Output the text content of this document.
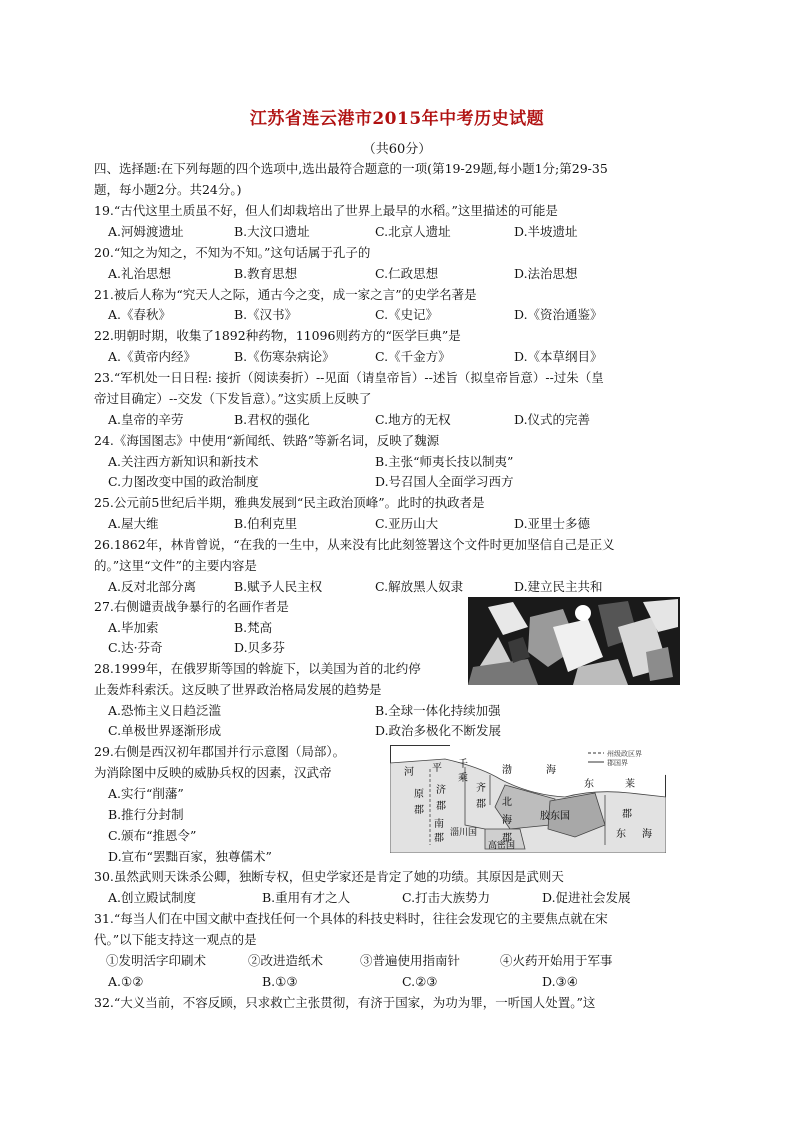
江苏省连云港市2015年中考历史试题
（共60分）
四、选择题:在下列每题的四个选项中,选出最符合题意的一项(第19-29题,每小题1分;第29-35
题，每小题2分。共24分。)
19.“古代这里土质虽不好，但人们却栽培出了世界上最早的水稻。”这里描述的可能是
A.河姆渡遗址	B.大汶口遗址	C.北京人遗址	D.半坡遗址
20.“知之为知之，不知为不知。”这句话属于孔子的
A.礼治思想	B.教育思想	C.仁政思想	D.法治思想
21.被后人称为“究天人之际，通古今之变，成一家之言”的史学名著是
A.《春秋》	B.《汉书》	C.《史记》	D.《资治通鉴》
22.明朝时期，收集了1892种药物，11096则药方的“医学巨典”是
A.《黄帝内经》	B.《伤寒杂病论》	C.《千金方》	D.《本草纲目》
23.“军机处一日日程: 接折（阅读奏折）--见面（请皇帝旨）--述旨（拟皇帝旨意）--过朱（皇
帝过目确定）--交发（下发旨意）。”这实质上反映了
A.皇帝的辛劳	B.君权的强化	C.地方的无权	D.仪式的完善
24.《海国图志》中使用“新闻纸、铁路”等新名词，反映了魏源
A.关注西方新知识和新技术	B.主张“师夷长技以制夷”
C.力图改变中国的政治制度	D.号召国人全面学习西方
25.公元前5世纪后半期，雅典发展到“民主政治顶峰”。此时的执政者是
A.屋大维	B.伯利克里	C.亚历山大	D.亚里士多德
26.1862年，林肯曾说，“在我的一生中，从来没有比此刻签署这个文件时更加坚信自己是正义
的。”这里“文件”的主要内容是
A.反对北部分离	B.赋予人民主权	C.解放黑人奴隶	D.建立民主共和
27.右侧谴责战争暴行的名画作者是
A.毕加索	B.梵高
C.达·芬奇	D.贝多芬
28.1999年，在俄罗斯等国的斡旋下，以美国为首的北约停
止轰炸科索沃。这反映了世界政治格局发展的趋势是
A.恐怖主义日趋泛滥	B.全球一体化持续加强
C.单极世界逐渐形成	D.政治多极化不断发展
29.右侧是西汉初年郡国并行示意图（局部）。
为消除图中反映的威胁兵权的因素，汉武帝
A.实行“削藩”
B.推行分封制
C.颁布“推恩令”
D.宣布“罢黜百家，独尊儒术”
州级政区界
郡国界
河 平 千
乘
渤	海
东	莱
原 济
郡 郡
南
齐
北
郡
郡
海
郡
胶东国	郡
东 海
淄川国
高密国
30.虽然武则天诛杀公卿，独断专权，但史学家还是肯定了她的功绩。其原因是武则天
A.创立殿试制度	B.重用有才之人	C.打击大族势力	D.促进社会发展
31.“每当人们在中国文献中查找任何一个具体的科技史料时，往往会发现它的主要焦点就在宋
代。”以下能支持这一观点的是
①发明活字印刷术	②改进造纸术	③普遍使用指南针	④火药开始用于军事
A.①②	B.①③	C.②③	D.③④
32.“大义当前，不容反顾，只求救亡主张贯彻，有济于国家，为功为罪，一听国人处置。”这
